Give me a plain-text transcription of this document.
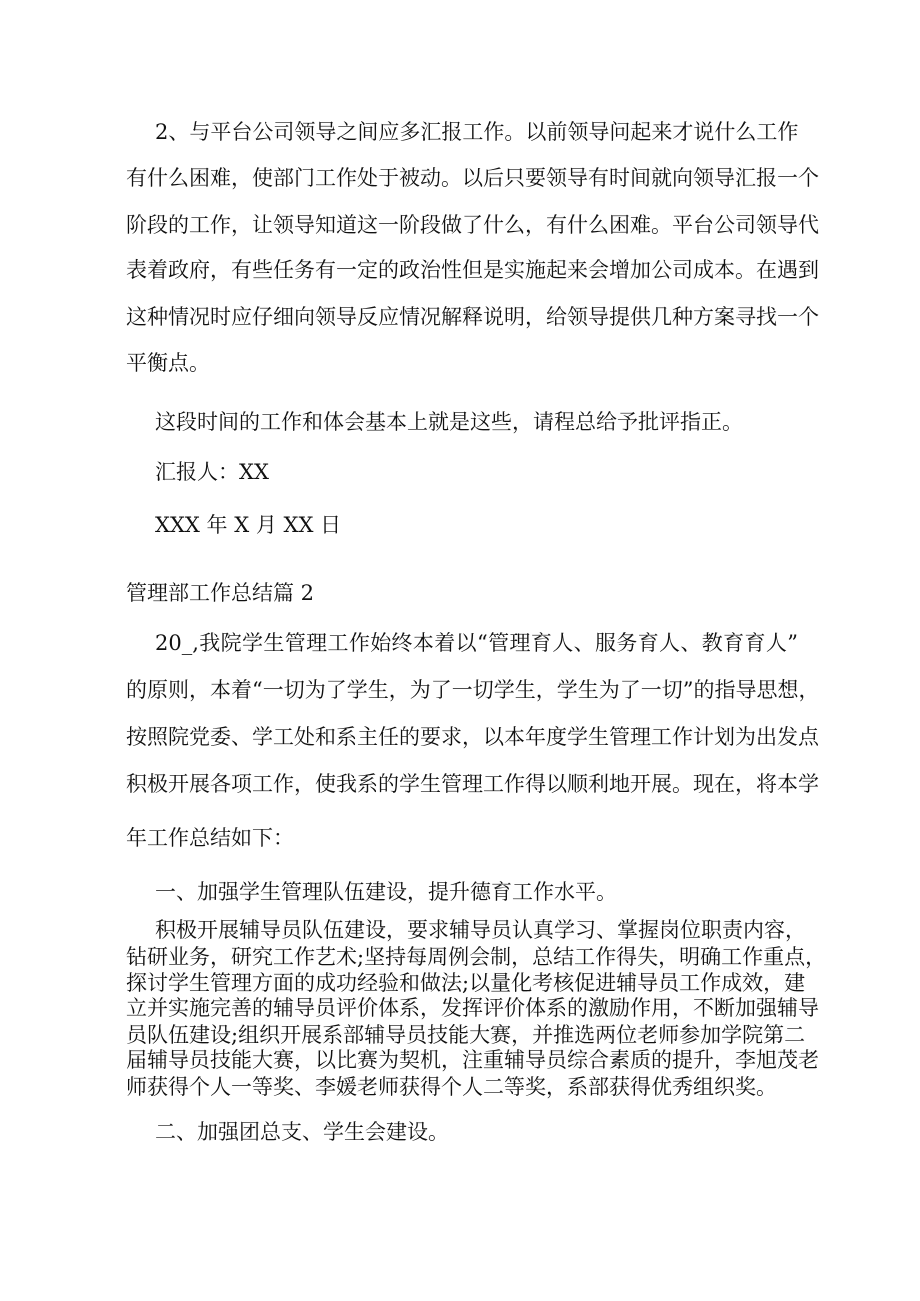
2、与平台公司领导之间应多汇报工作。以前领导问起来才说什么工作
有什么困难，使部门工作处于被动。以后只要领导有时间就向领导汇报一个
阶段的工作，让领导知道这一阶段做了什么，有什么困难。平台公司领导代
表着政府，有些任务有一定的政治性但是实施起来会增加公司成本。在遇到
这种情况时应仔细向领导反应情况解释说明，给领导提供几种方案寻找一个
平衡点。
这段时间的工作和体会基本上就是这些，请程总给予批评指正。
汇报人：XX
XXX 年 X 月 XX 日
管理部工作总结篇 2
20_,我院学生管理工作始终本着以“管理育人、服务育人、教育育人”
的原则，本着“一切为了学生，为了一切学生，学生为了一切”的指导思想，
按照院党委、学工处和系主任的要求，以本年度学生管理工作计划为出发点
积极开展各项工作，使我系的学生管理工作得以顺利地开展。现在，将本学
年工作总结如下：
一、加强学生管理队伍建设，提升德育工作水平。
积极开展辅导员队伍建设，要求辅导员认真学习、掌握岗位职责内容，
钻研业务，研究工作艺术;坚持每周例会制，总结工作得失，明确工作重点，
探讨学生管理方面的成功经验和做法;以量化考核促进辅导员工作成效，建
立并实施完善的辅导员评价体系，发挥评价体系的激励作用，不断加强辅导
员队伍建设;组织开展系部辅导员技能大赛，并推选两位老师参加学院第二
届辅导员技能大赛，以比赛为契机，注重辅导员综合素质的提升，李旭茂老
师获得个人一等奖、李媛老师获得个人二等奖，系部获得优秀组织奖。
二、加强团总支、学生会建设。
